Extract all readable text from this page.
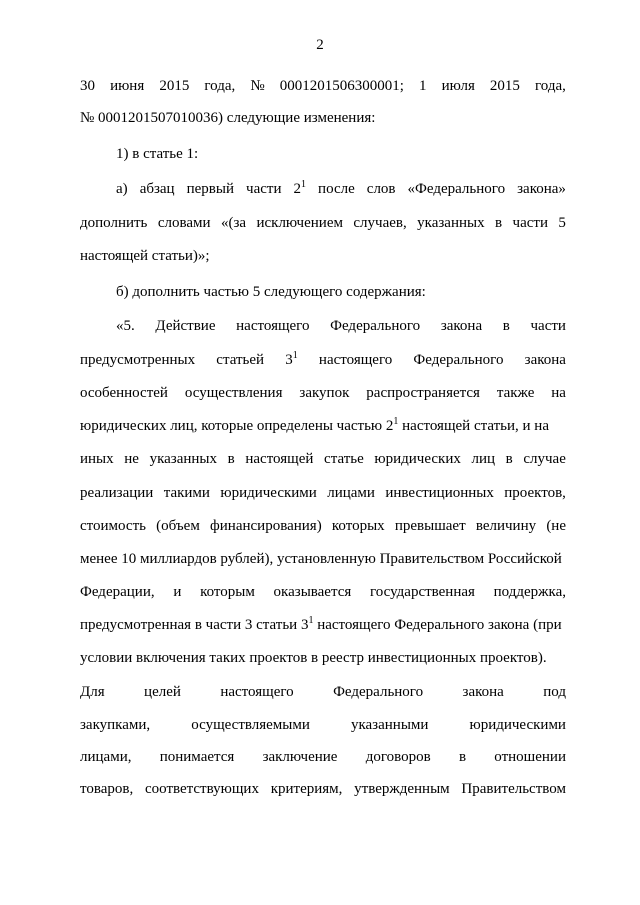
2
30 июня 2015 года, № 0001201506300001; 1 июля 2015 года,
№ 0001201507010036) следующие изменения:
1) в статье 1:
а) абзац первый части $2^1$ после слов «Федерального закона»
дополнить словами «(за исключением случаев, указанных в части 5
настоящей статьи)»;
б) дополнить частью 5 следующего содержания:
«5. Действие настоящего Федерального закона в части
предусмотренных статьей $3^1$ настоящего Федерального закона
особенностей осуществления закупок распространяется также на
юридических лиц, которые определены частью $2^1$ настоящей статьи, и на
иных не указанных в настоящей статье юридических лиц в случае
реализации такими юридическими лицами инвестиционных проектов,
стоимость (объем финансирования) которых превышает величину (не
менее 10 миллиардов рублей), установленную Правительством Российской
Федерации, и которым оказывается государственная поддержка,
предусмотренная в части 3 статьи $3^1$ настоящего Федерального закона (при
условии включения таких проектов в реестр инвестиционных проектов).
Для	целей	настоящего	Федерального	закона	под
закупками,	осуществляемыми	указанными	юридическими
лицами, понимается заключение договоров в отношении
товаров, соответствующих критериям, утвержденным Правительством
